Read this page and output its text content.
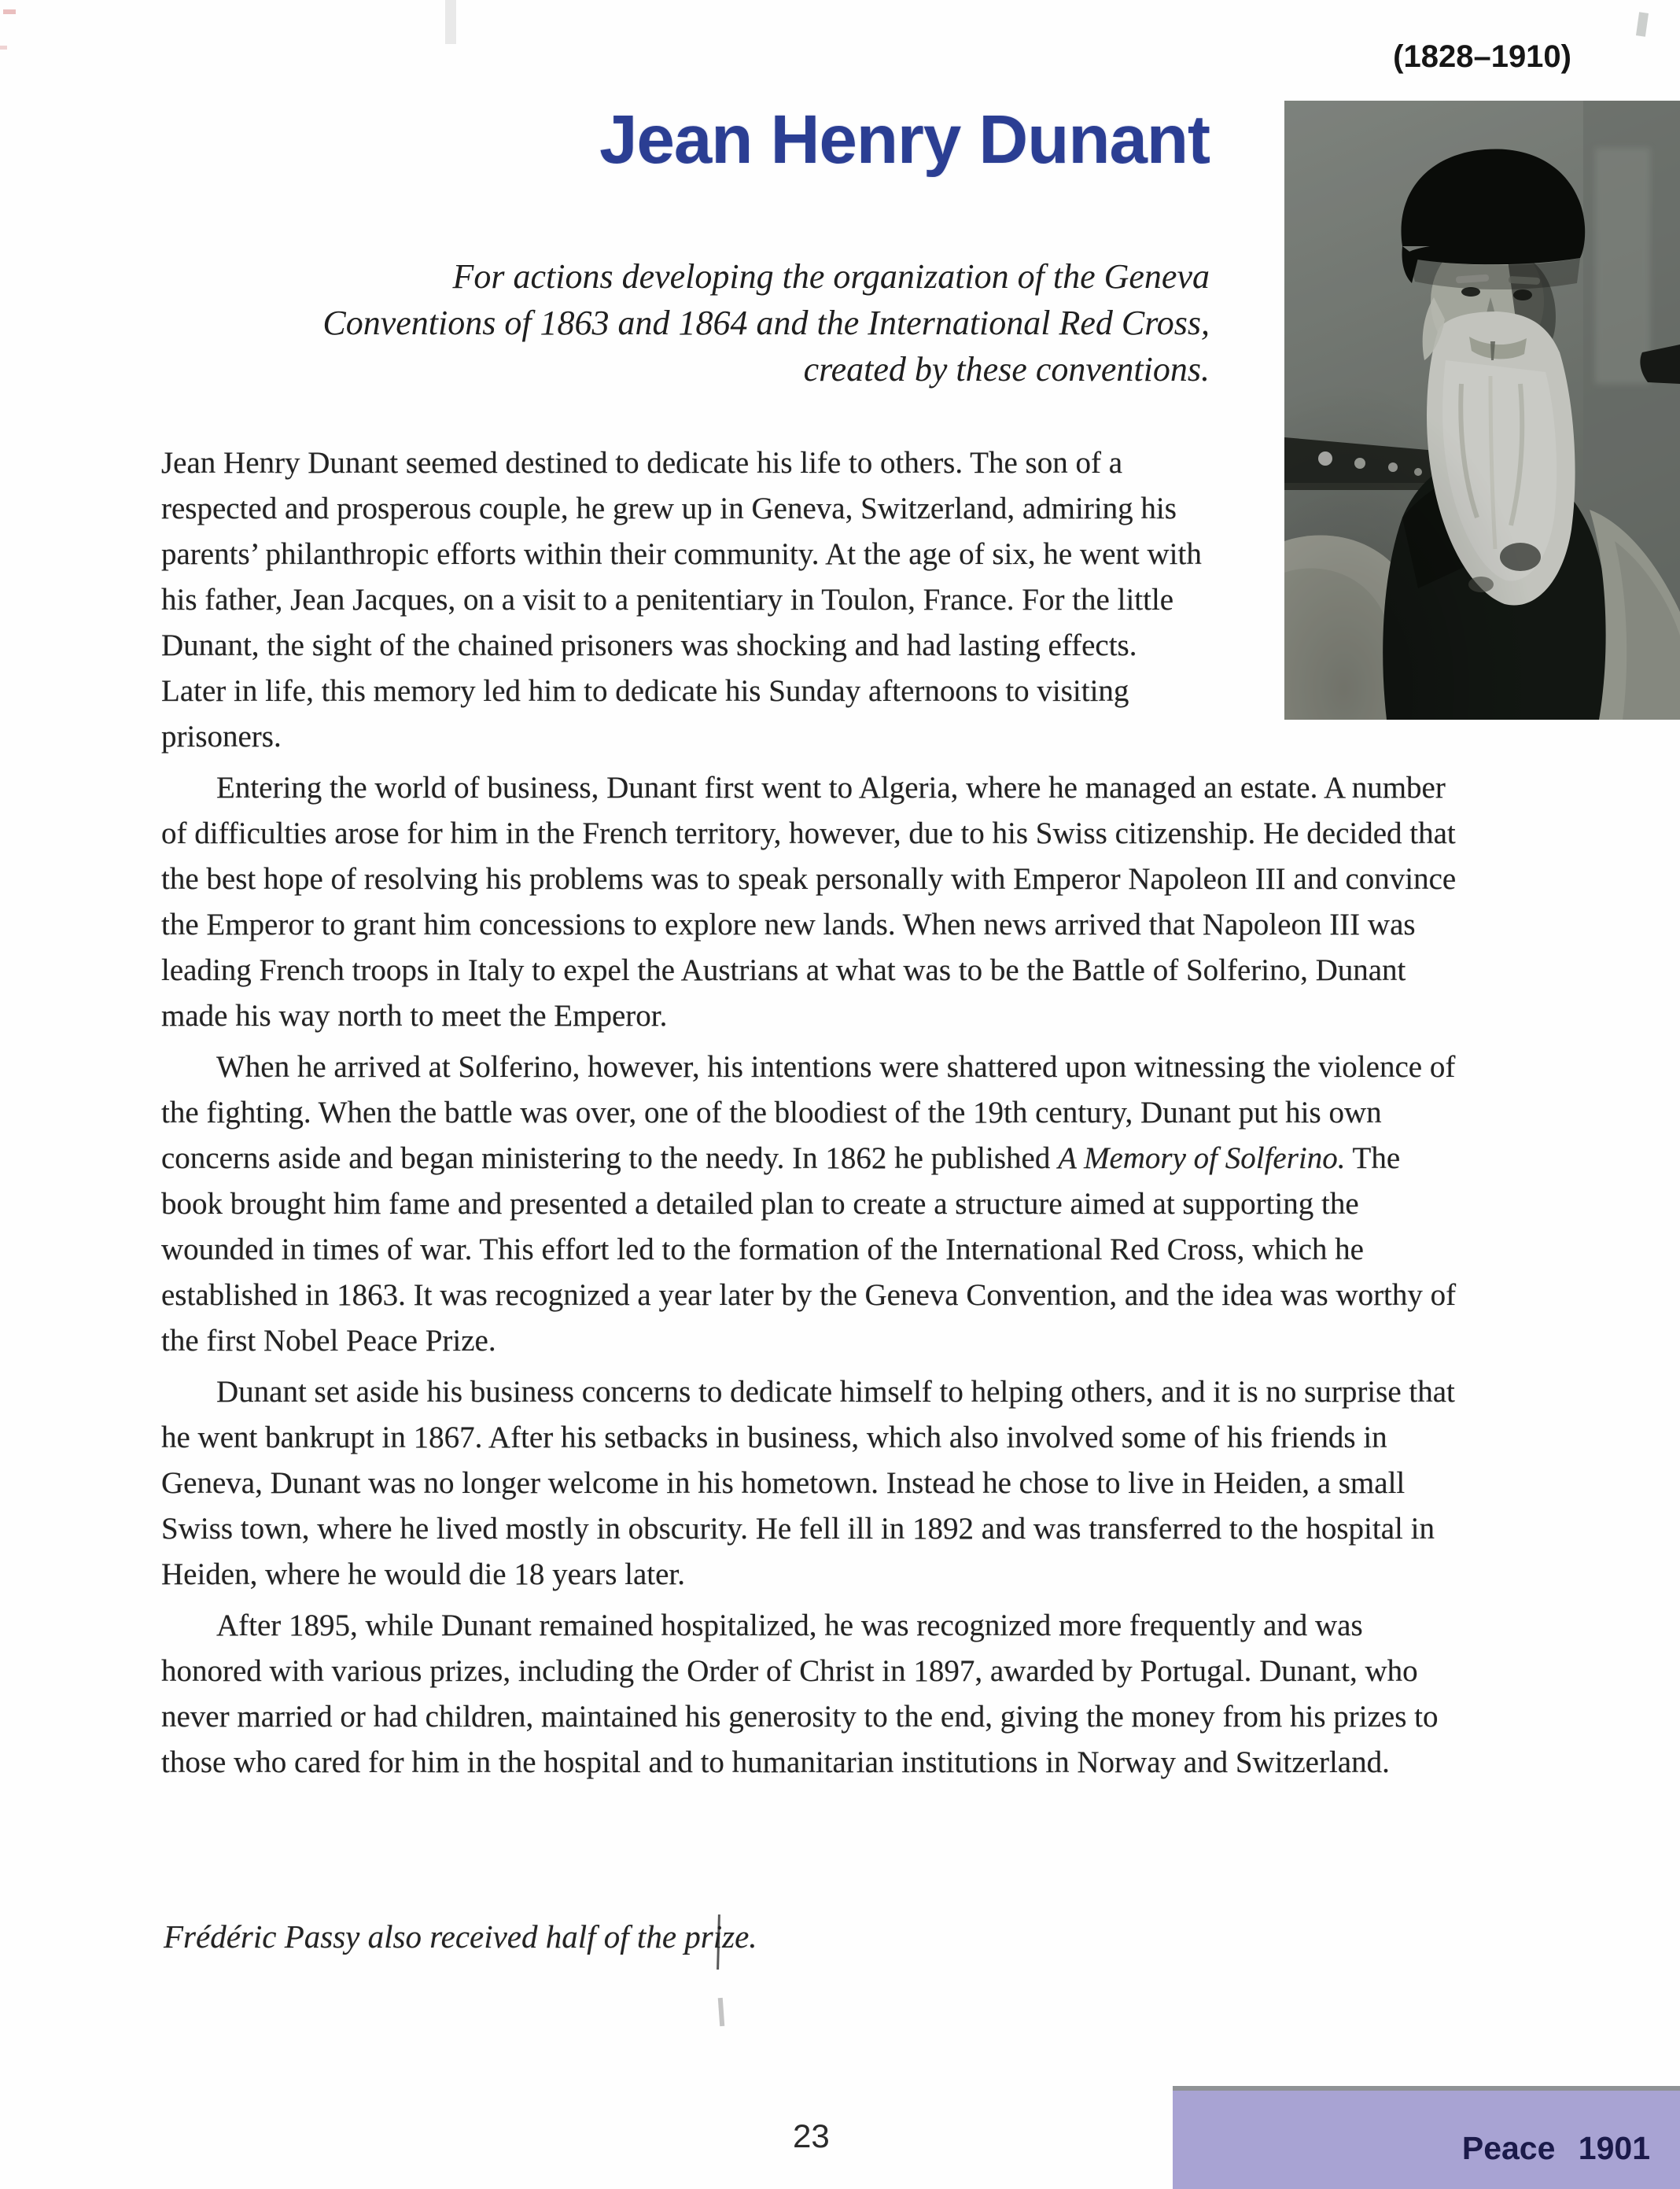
(1828–1910)
Jean Henry Dunant
For actions developing the organization of the Geneva
Conventions of 1863 and 1864 and the International Red Cross,
created by these conventions.

Jean Henry Dunant seemed destined to dedicate his life to others. The son of a respected and prosperous couple, he grew up in Geneva, Switzerland, admiring his parents’ philanthropic efforts within their community. At the age of six, he went with his father, Jean Jacques, on a visit to a penitentiary in Toulon, France. For the little Dunant, the sight of the chained prisoners was shocking and had lasting effects. Later in life, this memory led him to dedicate his Sunday afternoons to visiting prisoners.

Entering the world of business, Dunant first went to Algeria, where he managed an estate. A number of difficulties arose for him in the French territory, however, due to his Swiss citizenship. He decided that the best hope of resolving his problems was to speak personally with Emperor Napoleon III and convince the Emperor to grant him concessions to explore new lands. When news arrived that Napoleon III was leading French troops in Italy to expel the Austrians at what was to be the Battle of Solferino, Dunant made his way north to meet the Emperor.

When he arrived at Solferino, however, his intentions were shattered upon witnessing the violence of the fighting. When the battle was over, one of the bloodiest of the 19th century, Dunant put his own concerns aside and began ministering to the needy. In 1862 he published A Memory of Solferino. The book brought him fame and presented a detailed plan to create a structure aimed at supporting the wounded in times of war. This effort led to the formation of the International Red Cross, which he established in 1863. It was recognized a year later by the Geneva Convention, and the idea was worthy of the first Nobel Peace Prize.

Dunant set aside his business concerns to dedicate himself to helping others, and it is no surprise that he went bankrupt in 1867. After his setbacks in business, which also involved some of his friends in Geneva, Dunant was no longer welcome in his hometown. Instead he chose to live in Heiden, a small Swiss town, where he lived mostly in obscurity. He fell ill in 1892 and was transferred to the hospital in Heiden, where he would die 18 years later.

After 1895, while Dunant remained hospitalized, he was recognized more frequently and was honored with various prizes, including the Order of Christ in 1897, awarded by Portugal. Dunant, who never married or had children, maintained his generosity to the end, giving the money from his prizes to those who cared for him in the hospital and to humanitarian institutions in Norway and Switzerland.

Frédéric Passy also received half of the prize.
23	Peace 1901
